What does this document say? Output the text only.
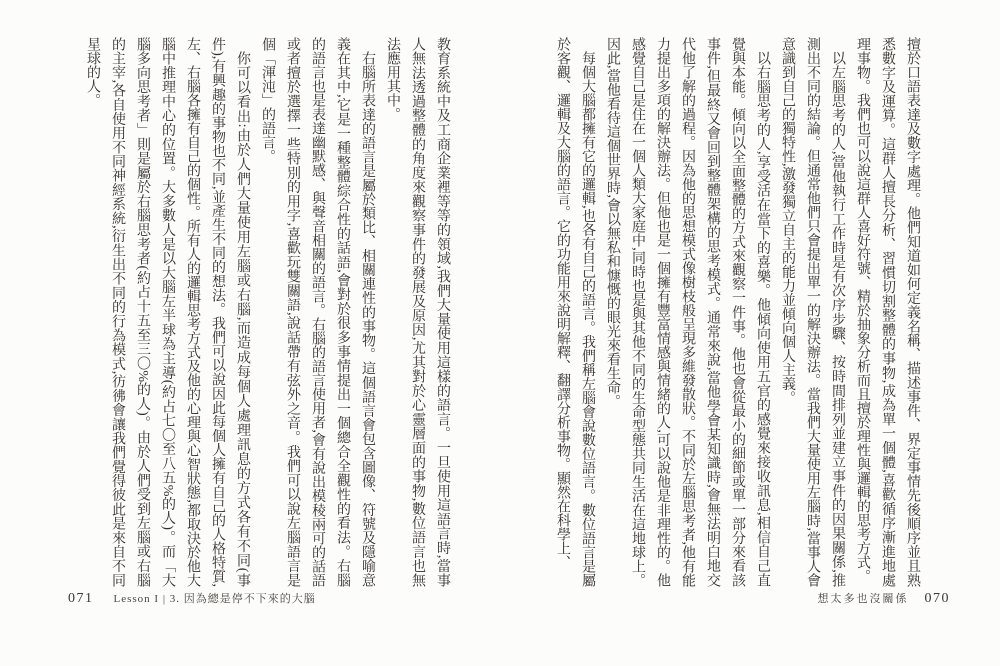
教育系統中及工商企業裡等等的領域,我們大量使用這樣的語言。一旦使用這語言時,當事人無法透過整體的角度來觀察事件的發展及原因,尤其對於心靈層面的事物,數位語言也無法應用其中。

右腦所表達的語言是屬於類比、相關連性的事物。這個語言會包含圖像、符號及隱喻意義在其中,它是一種整體綜合性的話語,會對於很多事情提出一個總合全觀性的看法。右腦的語言也是表達幽默感、與聲音相關的語言。右腦的語言使用者,會有說出模稜兩可的話語或者擅於選擇一些特別的用字,喜歡玩雙關語,說話帶有弦外之音。我們可以說左腦語言是個「渾沌」的語言。

你可以看出:由於人們大量使用左腦或右腦,而造成每個人處理訊息的方式各有不同(事件),有興趣的事物也不同,並產生不同的想法。我們可以說因此每個人擁有自己的人格特質,左、右腦各擁有自己的個性。所有人的邏輯思考方式及他的心理與心智狀態,都取決於他大腦中推理中心的位置。大多數人是以大腦左半球為主導(約占七〇至八五%的人)。而「大腦多向思考者」則是屬於右腦思考者(約占十五至三〇%的人)。由於人們受到左腦或右腦的主宰,各自使用不同神經系統,衍生出不同的行為模式,彷彿會讓我們覺得彼此是來自不同星球的人。

071 Lesson I | 3. 因為總是停不下來的大腦

擅於口語表達及數字處理。他們知道如何定義名稱、描述事件、界定事情先後順序並且熟悉數字及運算。這群人擅長分析、習慣切割整體的事物,成為單一個體,喜歡循序漸進地處理事物。我們也可以說這群人喜好符號、精於抽象分析而且擅於理性與邏輯的思考方式。

以左腦思考的人,當他執行工作時是有次序步驟、按時間排列並建立事件的因果關係,推測出不同的結論。但通常他們只會提出單一的解決辦法。當我們大量使用左腦時,當事人會意識到自己的獨特性,激發獨立自主的能力並傾向個人主義。

以右腦思考的人,享受活在當下的喜樂。他傾向使用五官的感覺來接收訊息,相信自己直覺與本能。傾向以全面整體的方式來觀察一件事。他也會從最小的細節或單一部分來看該事件,但最終又會回到整體架構的思考模式。通常來說,當他學會某知識時,會無法明白地交代他了解的過程。因為他的思想模式像樹枝般呈現多維發散狀。不同於左腦思考者,他有能力提出多項的解決辦法。但他也是一個擁有豐富情感與情緒的人,可以說他是非理性的。他感覺自己是住在一個人類大家庭中,同時也是與其他不同的生命型態共同生活在這地球上。因此,當他看待這個世界時,會以無私和慷慨的眼光來看生命。

每個大腦都擁有它的邏輯,也各有自己的語言。我們稱左腦會說數位語言。數位語言是屬於客觀、邏輯及大腦的語言。它的功能用來說明解釋、翻譯分析事物。顯然在科學上、

想太多也沒關係 070
